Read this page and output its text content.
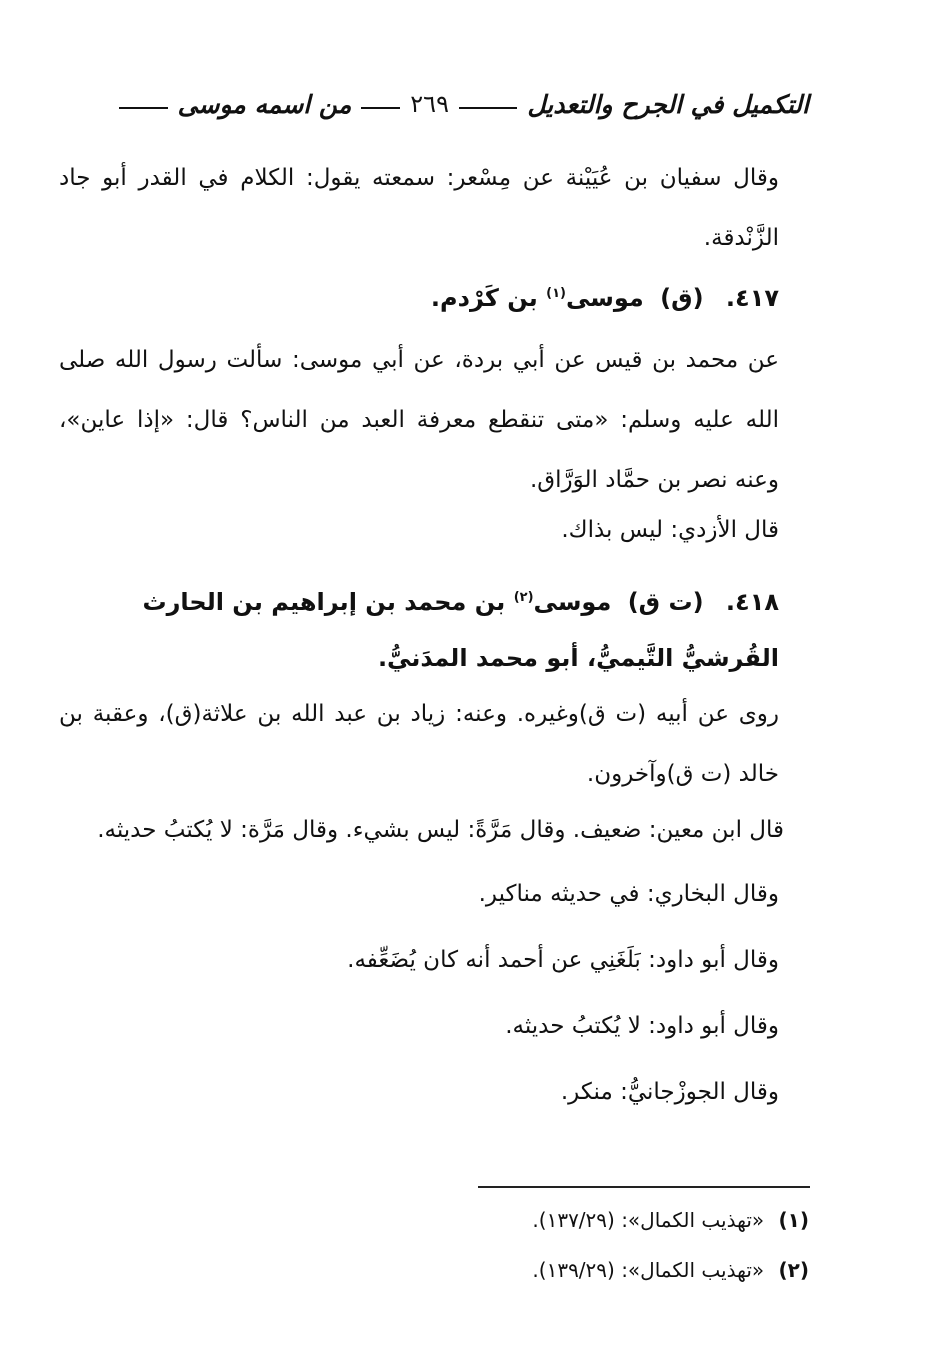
التكميل في الجرح والتعديل
٢٦٩
من اسمه موسى
وقال سفيان بن عُيَيْنة عن مِسْعر: سمعته يقول: الكلام في القدر أبو جاد الزَّنْدقة.
٤١٧. (ق) موسى$^{(١)}$ بن كَرْدم.
عن محمد بن قيس عن أبي بردة، عن أبي موسى: سألت رسول الله صلى الله عليه وسلم: «متى تنقطع معرفة العبد من الناس؟ قال: «إذا عاين»، وعنه نصر بن حمَّاد الوَرَّاق.
قال الأزدي: ليس بذاك.
٤١٨. (ت ق) موسى$^{(٢)}$ بن محمد بن إبراهيم بن الحارث القُرشيُّ التَّيميُّ، أبو محمد المدَنيُّ.
روى عن أبيه (ت ق)وغيره. وعنه: زياد بن عبد الله بن علاثة(ق)، وعقبة بن خالد (ت ق)وآخرون.
قال ابن معين: ضعيف. وقال مَرَّةً: ليس بشيء. وقال مَرَّة: لا يُكتبُ حديثه.
وقال البخاري: في حديثه مناكير.
وقال أبو داود: بَلَغَنِي عن أحمد أنه كان يُضَعِّفه.
وقال أبو داود: لا يُكتبُ حديثه.
وقال الجوزْجانيُّ: منكر.
(١) «تهذيب الكمال»: (١٣٧/٢٩).
(٢) «تهذيب الكمال»: (١٣٩/٢٩).
